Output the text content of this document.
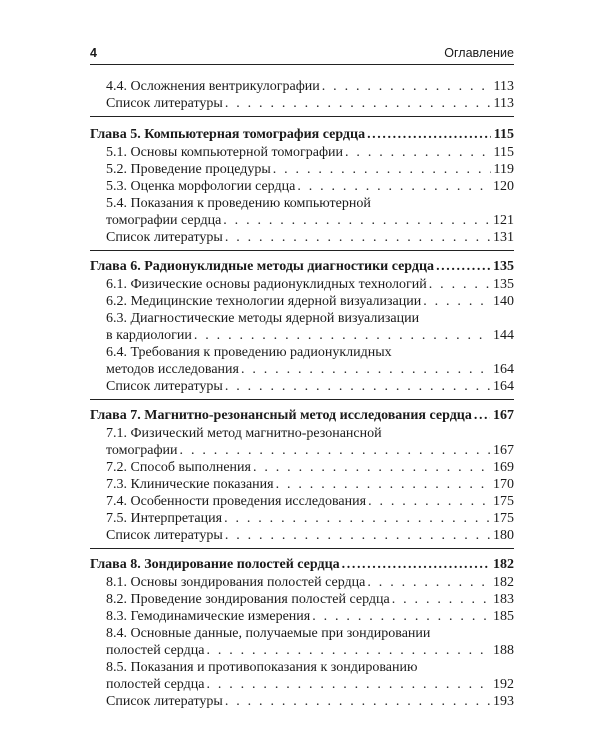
4	Оглавление
4.4. Осложнения вентрикулографии . . .	113
Список литературы . . .	113
Глава 5. Компьютерная томография сердца .....	115
5.1. Основы компьютерной томографии . . .	115
5.2. Проведение процедуры . . .	119
5.3. Оценка морфологии сердца . . .	120
5.4. Показания к проведению компьютерной
томографии сердца . . .	121
Список литературы . . .	131
Глава 6. Радионуклидные методы диагностики сердца .....	135
6.1. Физические основы радионуклидных технологий . . .	135
6.2. Медицинские технологии ядерной визуализации . . .	140
6.3. Диагностические методы ядерной визуализации
в кардиологии . . .	144
6.4. Требования к проведению радионуклидных
методов исследования . . .	164
Список литературы . . .	164
Глава 7. Магнитно-резонансный метод исследования сердца ..... 167
7.1. Физический метод магнитно-резонансной
томографии . . .	167
7.2. Способ выполнения . . .	169
7.3. Клинические показания . . .	170
7.4. Особенности проведения исследования . . .	175
7.5. Интерпретация . . .	175
Список литературы . . .	180
Глава 8. Зондирование полостей сердца .....	182
8.1. Основы зондирования полостей сердца . . .	182
8.2. Проведение зондирования полостей сердца . . .	183
8.3. Гемодинамические измерения . . .	185
8.4. Основные данные, получаемые при зондировании
полостей сердца . . .	188
8.5. Показания и противопоказания к зондированию
полостей сердца . . .	192
Список литературы . . .	193
